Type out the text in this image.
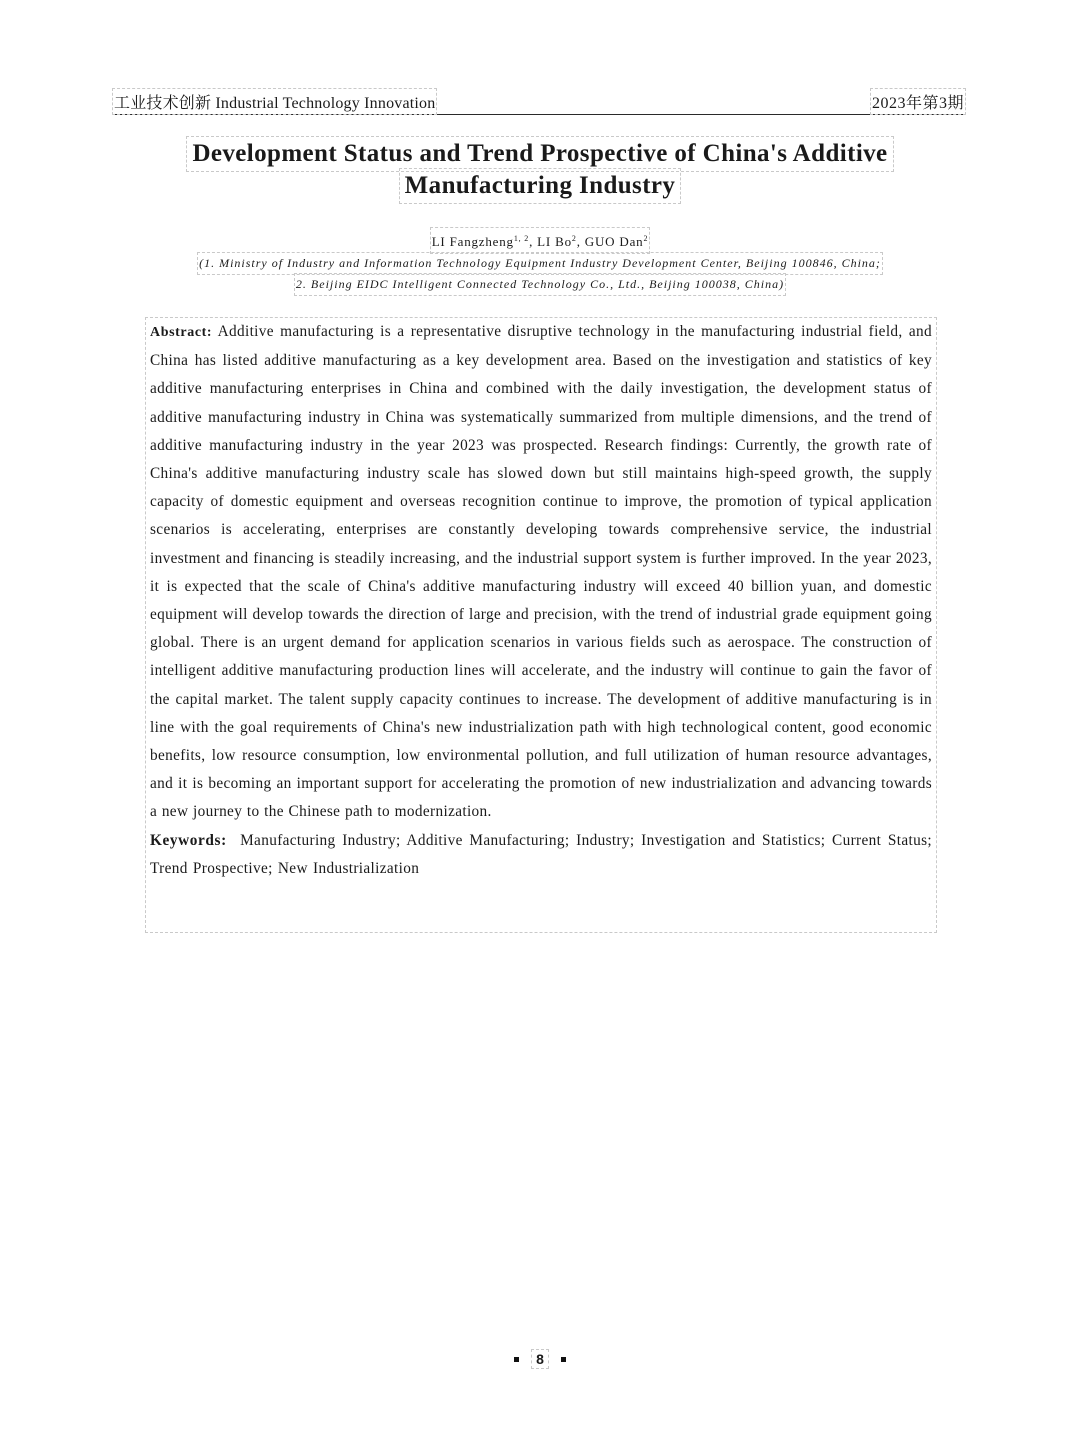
工业技术创新 Industrial Technology Innovation	2023年第3期
Development Status and Trend Prospective of China's Additive
Manufacturing Industry
LI Fangzheng$^{1, 2}$, LI Bo$^2$, GUO Dan$^2$
(1. Ministry of Industry and Information Technology Equipment Industry Development Center, Beijing 100846, China;
2. Beijing EIDC Intelligent Connected Technology Co., Ltd., Beijing 100038, China)

Abstract: Additive manufacturing is a representative disruptive technology in the manufacturing industrial field, and China has listed additive manufacturing as a key development area. Based on the investigation and statistics of key additive manufacturing enterprises in China and combined with the daily investigation, the development status of additive manufacturing industry in China was systematically summarized from multiple dimensions, and the trend of additive manufacturing industry in the year 2023 was prospected. Research findings: Currently, the growth rate of China's additive manufacturing industry scale has slowed down but still maintains high-speed growth, the supply capacity of domestic equipment and overseas recognition continue to improve, the promotion of typical application scenarios is accelerating, enterprises are constantly developing towards comprehensive service, the industrial investment and financing is steadily increasing, and the industrial support system is further improved. In the year 2023, it is expected that the scale of China's additive manufacturing industry will exceed 40 billion yuan, and domestic equipment will develop towards the direction of large and precision, with the trend of industrial grade equipment going global. There is an urgent demand for application scenarios in various fields such as aerospace. The construction of intelligent additive manufacturing production lines will accelerate, and the industry will continue to gain the favor of the capital market. The talent supply capacity continues to increase. The development of additive manufacturing is in line with the goal requirements of China's new industrialization path with high technological content, good economic benefits, low resource consumption, low environmental pollution, and full utilization of human resource advantages, and it is becoming an important support for accelerating the promotion of new industrialization and advancing towards a new journey to the Chinese path to modernization.

Keywords: Manufacturing Industry; Additive Manufacturing; Industry; Investigation and Statistics; Current Status; Trend Prospective; New Industrialization

8
